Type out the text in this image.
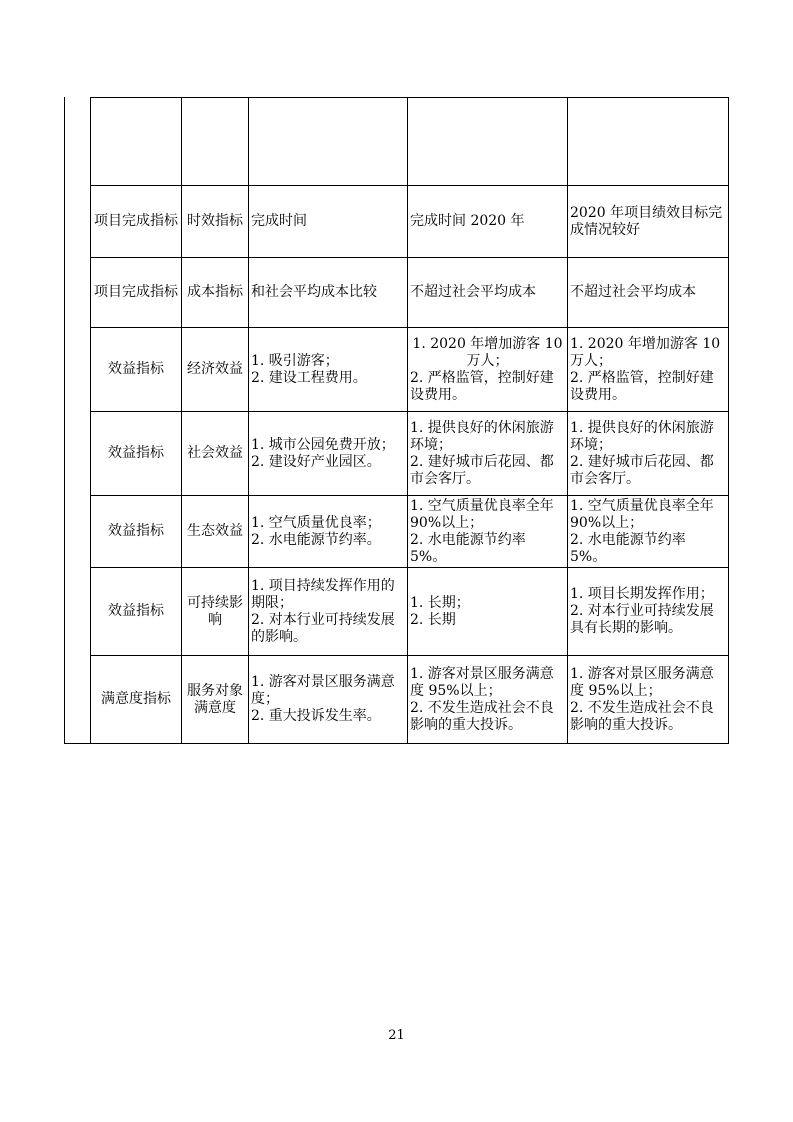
项目完成指标	时效指标	完成时间	完成时间 2020 年	2020 年项目绩效目标完成情况较好

项目完成指标	成本指标	和社会平均成本比较	不超过社会平均成本	不超过社会平均成本

效益指标	经济效益	1. 吸引游客；
2. 建设工程费用。	1. 2020 年增加游客 10 万人；
2. 严格监管，控制好建设费用。	1. 2020 年增加游客 10 万人；
2. 严格监管，控制好建设费用。

效益指标	社会效益	1. 城市公园免费开放；
2. 建设好产业园区。	1. 提供良好的休闲旅游环境；
2. 建好城市后花园、都市会客厅。	1. 提供良好的休闲旅游环境；
2. 建好城市后花园、都市会客厅。

效益指标	生态效益	1. 空气质量优良率；
2. 水电能源节约率。	1. 空气质量优良率全年 90%以上；
2. 水电能源节约率 5%。	1. 空气质量优良率全年 90%以上；
2. 水电能源节约率 5%。

效益指标	可持续影响	1. 项目持续发挥作用的期限；
2. 对本行业可持续发展的影响。	1. 长期；
2. 长期	1. 项目长期发挥作用；
2. 对本行业可持续发展具有长期的影响。

满意度指标	服务对象满意度	1. 游客对景区服务满意度；
2. 重大投诉发生率。	1. 游客对景区服务满意度 95%以上；
2. 不发生造成社会不良影响的重大投诉。	1. 游客对景区服务满意度 95%以上；
2. 不发生造成社会不良影响的重大投诉。
21
